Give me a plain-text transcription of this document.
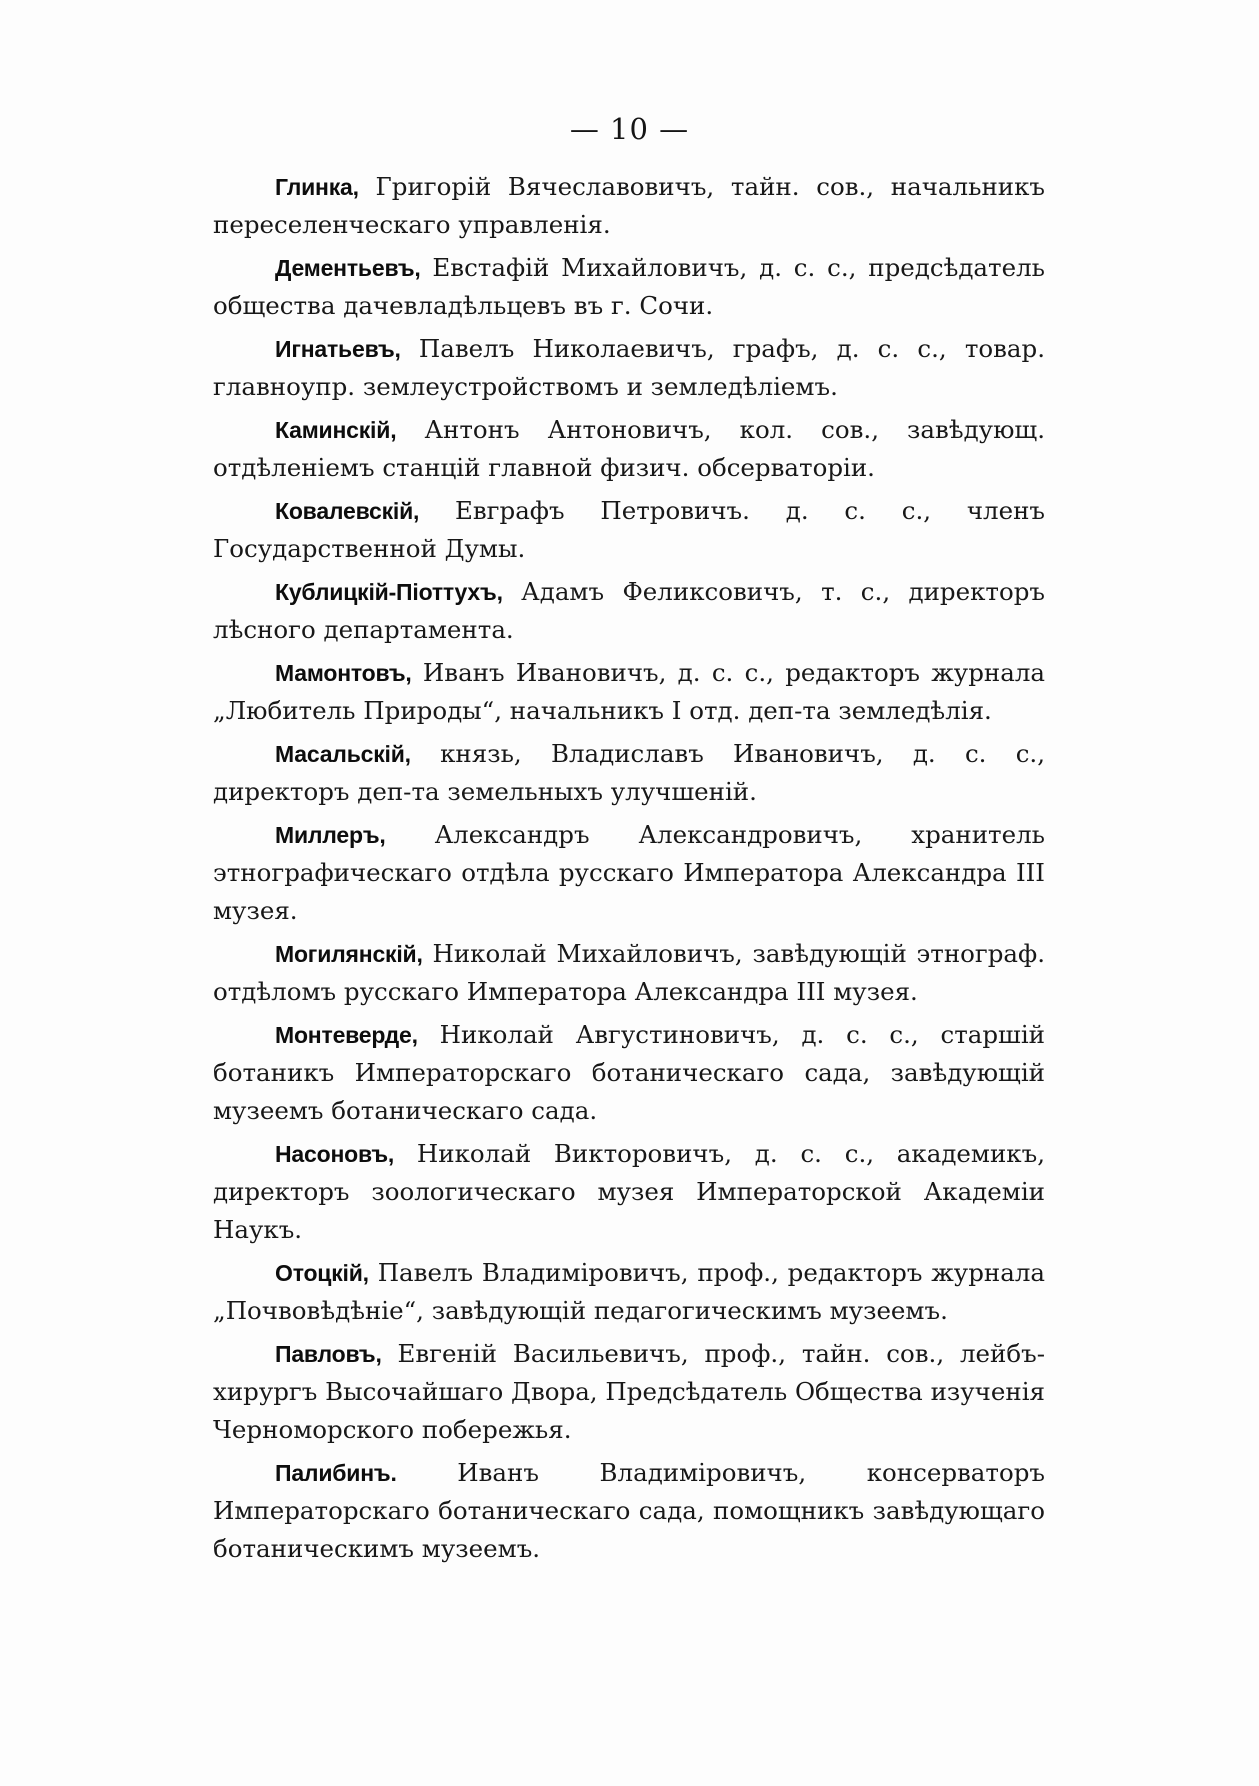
— 10 —

Глинка, Григорій Вячеславовичъ, тайн. сов., начальникъ переселенческаго управленія.

Дементьевъ, Евстафій Михайловичъ, д. с. с., предсѣдатель общества дачевладѣльцевъ въ г. Сочи.

Игнатьевъ, Павелъ Николаевичъ, графъ, д. с. с., товар. главноупр. землеустройствомъ и земледѣліемъ.

Каминскій, Антонъ Антоновичъ, кол. сов., завѣдующ. отдѣленіемъ станцій главной физич. обсерваторіи.

Ковалевскій, Евграфъ Петровичъ. д. с. с., членъ Государственной Думы.

Кублицкій-Піоттухъ, Адамъ Феликсовичъ, т. с., директоръ лѣсного департамента.

Мамонтовъ, Иванъ Ивановичъ, д. с. с., редакторъ журнала „Любитель Природы“, начальникъ I отд. деп-та земледѣлія.

Масальскій, князь, Владиславъ Ивановичъ, д. с. с., директоръ деп-та земельныхъ улучшеній.

Миллеръ, Александръ Александровичъ, хранитель этнографическаго отдѣла русскаго Императора Александра III музея.

Могилянскій, Николай Михайловичъ, завѣдующій этнограф. отдѣломъ русскаго Императора Александра III музея.

Монтеверде, Николай Августиновичъ, д. с. с., старшій ботаникъ Императорскаго ботаническаго сада, завѣдующій музеемъ ботаническаго сада.

Насоновъ, Николай Викторовичъ, д. с. с., академикъ, директоръ зоологическаго музея Императорской Академіи Наукъ.

Отоцкій, Павелъ Владиміровичъ, проф., редакторъ журнала „Почвовѣдѣніе“, завѣдующій педагогическимъ музеемъ.

Павловъ, Евгеній Васильевичъ, проф., тайн. сов., лейбъ-хирургъ Высочайшаго Двора, Предсѣдатель Общества изученія Черноморского побережья.

Палибинъ. Иванъ Владиміровичъ, консерваторъ Императорскаго ботаническаго сада, помощникъ завѣдующаго ботаническимъ музеемъ.
